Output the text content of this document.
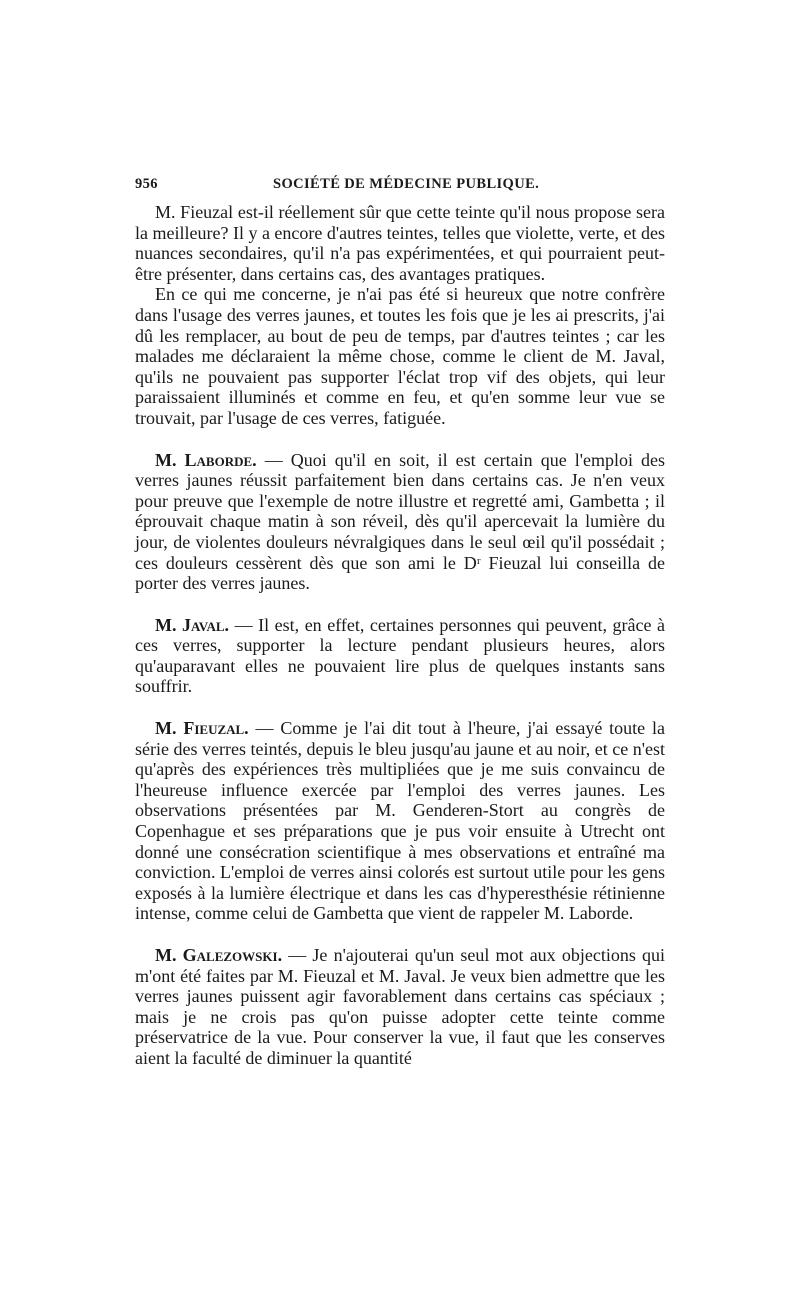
956	SOCIÉTÉ DE MÉDECINE PUBLIQUE.

M. Fieuzal est-il réellement sûr que cette teinte qu'il nous propose sera la meilleure? Il y a encore d'autres teintes, telles que violette, verte, et des nuances secondaires, qu'il n'a pas expérimentées, et qui pourraient peut-être présenter, dans certains cas, des avantages pratiques.

En ce qui me concerne, je n'ai pas été si heureux que notre confrère dans l'usage des verres jaunes, et toutes les fois que je les ai prescrits, j'ai dû les remplacer, au bout de peu de temps, par d'autres teintes ; car les malades me déclaraient la même chose, comme le client de M. Javal, qu'ils ne pouvaient pas supporter l'éclat trop vif des objets, qui leur paraissaient illuminés et comme en feu, et qu'en somme leur vue se trouvait, par l'usage de ces verres, fatiguée.

M. Laborde. — Quoi qu'il en soit, il est certain que l'emploi des verres jaunes réussit parfaitement bien dans certains cas. Je n'en veux pour preuve que l'exemple de notre illustre et regretté ami, Gambetta ; il éprouvait chaque matin à son réveil, dès qu'il apercevait la lumière du jour, de violentes douleurs névralgiques dans le seul œil qu'il possédait ; ces douleurs cessèrent dès que son ami le Dʳ Fieuzal lui conseilla de porter des verres jaunes.

M. Javal. — Il est, en effet, certaines personnes qui peuvent, grâce à ces verres, supporter la lecture pendant plusieurs heures, alors qu'auparavant elles ne pouvaient lire plus de quelques instants sans souffrir.

M. Fieuzal. — Comme je l'ai dit tout à l'heure, j'ai essayé toute la série des verres teintés, depuis le bleu jusqu'au jaune et au noir, et ce n'est qu'après des expériences très multipliées que je me suis convaincu de l'heureuse influence exercée par l'emploi des verres jaunes. Les observations présentées par M. Genderen-Stort au congrès de Copenhague et ses préparations que je pus voir ensuite à Utrecht ont donné une consécration scientifique à mes observations et entraîné ma conviction. L'emploi de verres ainsi colorés est surtout utile pour les gens exposés à la lumière électrique et dans les cas d'hyperesthésie rétinienne intense, comme celui de Gambetta que vient de rappeler M. Laborde.

M. Galezowski. — Je n'ajouterai qu'un seul mot aux objections qui m'ont été faites par M. Fieuzal et M. Javal. Je veux bien admettre que les verres jaunes puissent agir favorablement dans certains cas spéciaux ; mais je ne crois pas qu'on puisse adopter cette teinte comme préservatrice de la vue. Pour conserver la vue, il faut que les conserves aient la faculté de diminuer la quantité
